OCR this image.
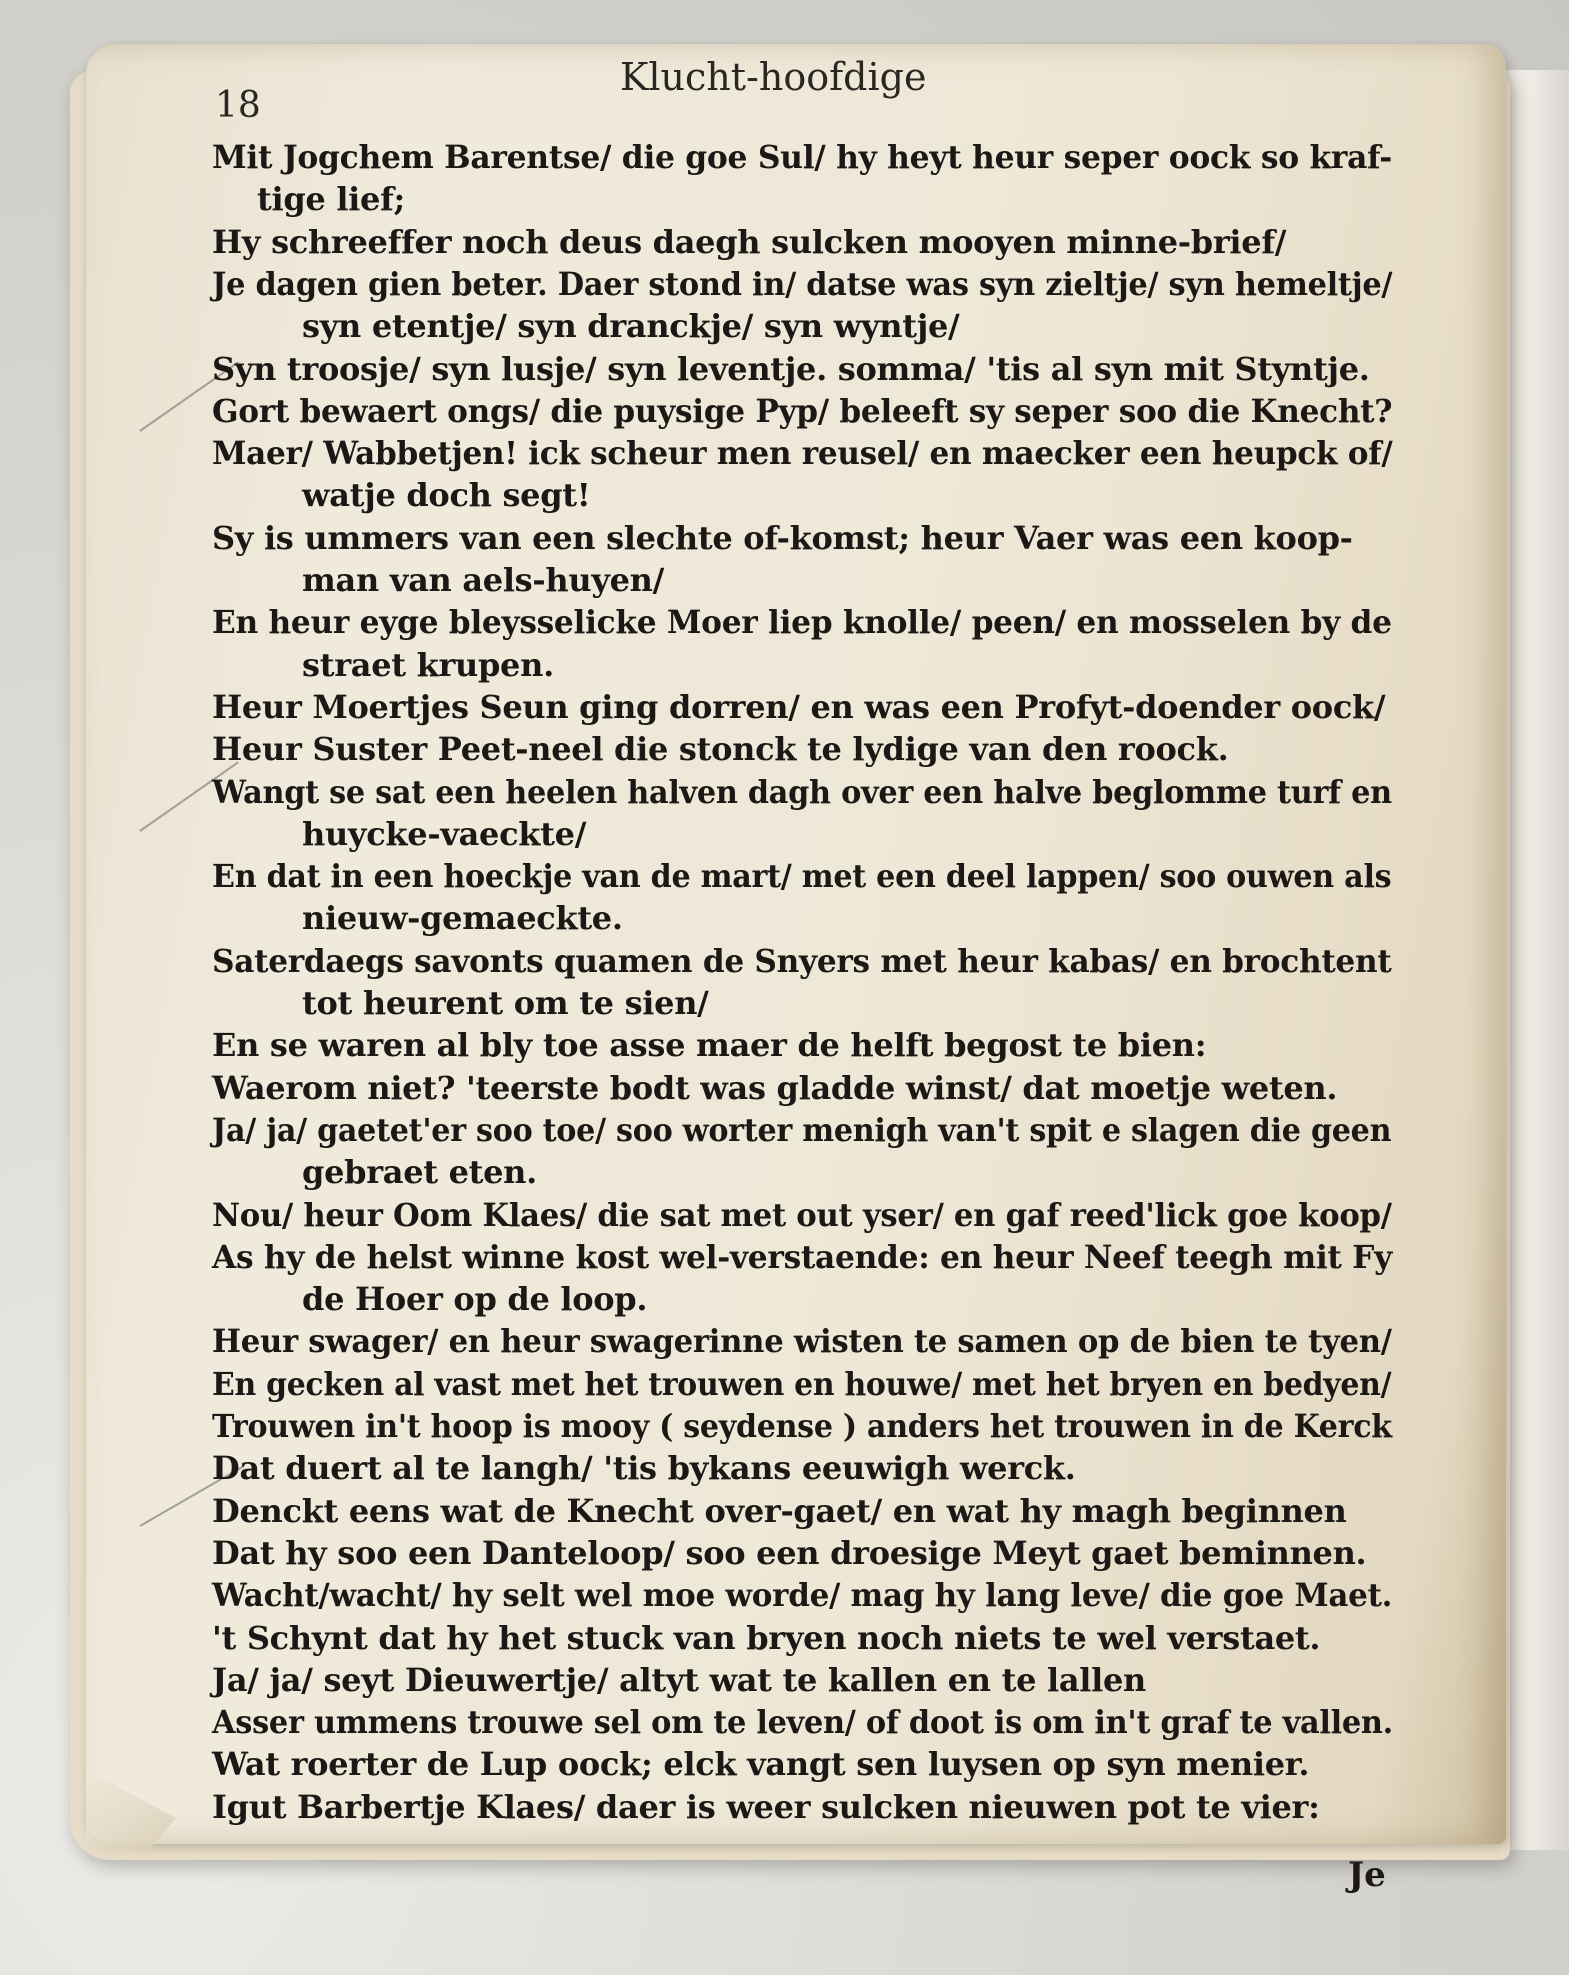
18
Klucht-hoofdige
Mit Jogchem Barentse/ die goe Sul/ hy heyt heur seper oock so kraf-
tige lief;
Hy schreeffer noch deus daegh sulcken mooyen minne-brief/
Je dagen gien beter. Daer stond in/ datse was syn zieltje/ syn hemeltje/
syn etentje/ syn dranckje/ syn wyntje/
Syn troosje/ syn lusje/ syn leventje. somma/ 'tis al syn mit Styntje.
Gort bewaert ongs/ die puysige Pyp/ beleeft sy seper soo die Knecht?
Maer/ Wabbetjen! ick scheur men reusel/ en maecker een heupck of/
watje doch segt!
Sy is ummers van een slechte of-komst; heur Vaer was een koop-
man van aels-huyen/
En heur eyge bleysselicke Moer liep knolle/ peen/ en mosselen by de
straet krupen.
Heur Moertjes Seun ging dorren/ en was een Profyt-doender oock/
Heur Suster Peet-neel die stonck te lydige van den roock.
Wangt se sat een heelen halven dagh over een halve beglomme turf en
huycke-vaeckte/
En dat in een hoeckje van de mart/ met een deel lappen/ soo ouwen als
nieuw-gemaeckte.
Saterdaegs savonts quamen de Snyers met heur kabas/ en brochtent
tot heurent om te sien/
En se waren al bly toe asse maer de helft begost te bien:
Waerom niet? 'teerste bodt was gladde winst/ dat moetje weten.
Ja/ ja/ gaetet'er soo toe/ soo worter menigh van't spit e slagen die geen
gebraet eten.
Nou/ heur Oom Klaes/ die sat met out yser/ en gaf reed'lick goe koop/
As hy de helst winne kost wel-verstaende: en heur Neef teegh mit Fy
de Hoer op de loop.
Heur swager/ en heur swagerinne wisten te samen op de bien te tyen/
En gecken al vast met het trouwen en houwe/ met het bryen en bedyen/
Trouwen in't hoop is mooy ( seydense ) anders het trouwen in de Kerck
Dat duert al te langh/ 'tis bykans eeuwigh werck.
Denckt eens wat de Knecht over-gaet/ en wat hy magh beginnen
Dat hy soo een Danteloop/ soo een droesige Meyt gaet beminnen.
Wacht/wacht/ hy selt wel moe worde/ mag hy lang leve/ die goe Maet.
't Schynt dat hy het stuck van bryen noch niets te wel verstaet.
Ja/ ja/ seyt Dieuwertje/ altyt wat te kallen en te lallen
Asser ummens trouwe sel om te leven/ of doot is om in't graf te vallen.
Wat roerter de Lup oock; elck vangt sen luysen op syn menier.
Igut Barbertje Klaes/ daer is weer sulcken nieuwen pot te vier:
Je
